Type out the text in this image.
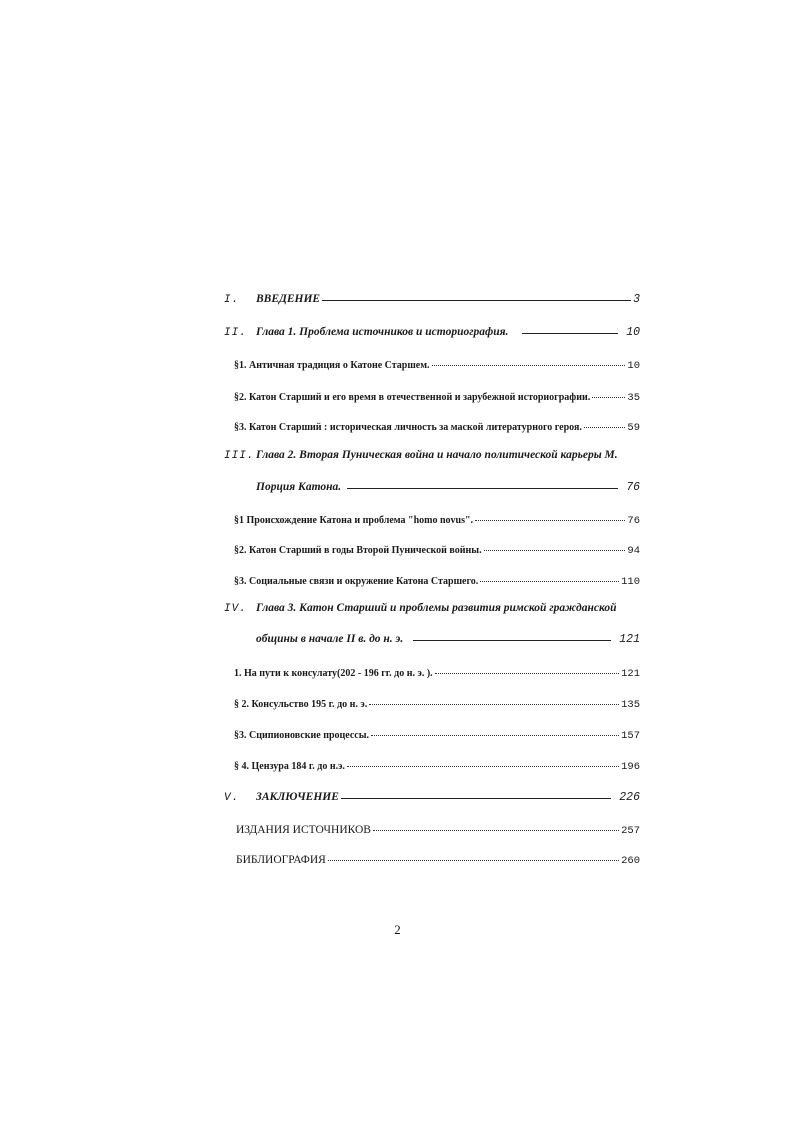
I.	ВВЕДЕНИЕ	3
II. Глава 1. Проблема источников и историография.	10
§1. Античная традиция о Катоне Старшем.	10
§2. Катон Старший и его время в отечественной и зарубежной историографии.	35
§3. Катон Старший : историческая личность за маской литературного героя.	59
III. Глава 2. Вторая Пуническая война и начало политической карьеры М.
Порция Катона.	76
§1 Происхождение Катона и проблема "homo novus".	76
§2. Катон Старший в годы Второй Пунической войны.	94
§3. Социальные связи и окружение Катона Старшего.	110
IV. Глава 3. Катон Старший и проблемы развития римской гражданской
общины в начале II в. до н. э.	121
1. На пути к консулату(202 - 196 гг. до н. э. ).	121
§ 2. Консульство 195 г. до н. э.	135
§3. Сципионовские процессы.	157
§ 4. Цензура 184 г. до н.э.	196
V.	ЗАКЛЮЧЕНИЕ	226
ИЗДАНИЯ ИСТОЧНИКОВ	257
БИБЛИОГРАФИЯ	260
2
